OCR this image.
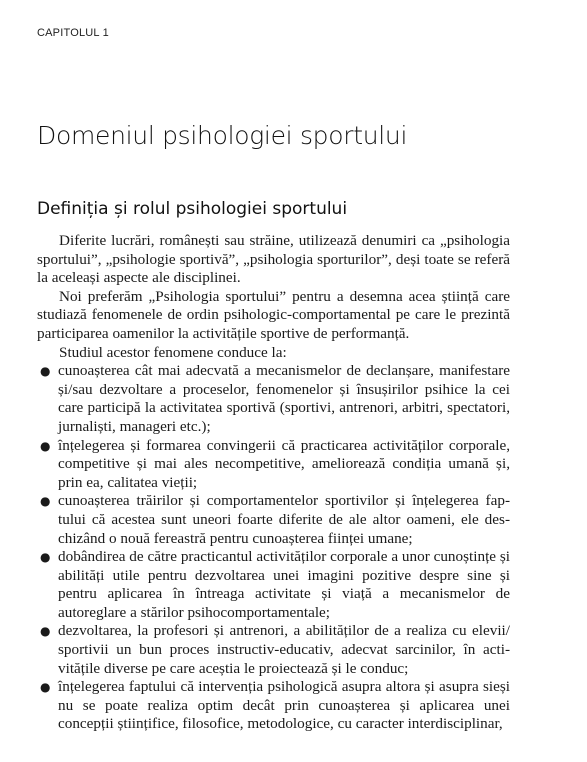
CAPITOLUL 1
Domeniul psihologiei sportului
Definiția și rolul psihologiei sportului

Diferite lucrări, românești sau străine, utilizează denumiri ca „psihologia sportului”, „psihologie sportivă”, „psihologia sporturilor”, deși toate se referă la aceleași aspecte ale disciplinei.

Noi preferăm „Psihologia sportului” pentru a desemna acea știință care studiază fenomenele de ordin psihologic-comportamental pe care le prezintă participarea oamenilor la activitățile sportive de performanță.

Studiul acestor fenomene conduce la:

● cunoașterea cât mai adecvată a mecanismelor de declanșare, manifestare și/sau dezvoltare a proceselor, fenomenelor și însușirilor psihice la cei care participă la activitatea sportivă (sportivi, antrenori, arbitri, spectatori, jurnaliști, manageri etc.);
● înțelegerea și formarea convingerii că practicarea activităților corporale, competitive și mai ales necompetitive, ameliorează condiția umană și, prin ea, calitatea vieții;
● cunoașterea trăirilor și comportamentelor sportivilor și înțelegerea faptului că acestea sunt uneori foarte diferite de ale altor oameni, ele deschizând o nouă fereastră pentru cunoașterea ființei umane;
● dobândirea de către practicantul activităților corporale a unor cunoștințe și abilități utile pentru dezvoltarea unei imagini pozitive despre sine și pentru aplicarea în întreaga activitate și viață a mecanismelor de autoreglare a stărilor psihocomportamentale;
● dezvoltarea, la profesori și antrenori, a abilităților de a realiza cu elevii/ sportivii un bun proces instructiv-educativ, adecvat sarcinilor, în activitățile diverse pe care aceștia le proiectează și le conduc;
● înțelegerea faptului că intervenția psihologică asupra altora și asupra sieși nu se poate realiza optim decât prin cunoașterea și aplicarea unei concepții științifice, filosofice, metodologice, cu caracter interdisciplinar,
